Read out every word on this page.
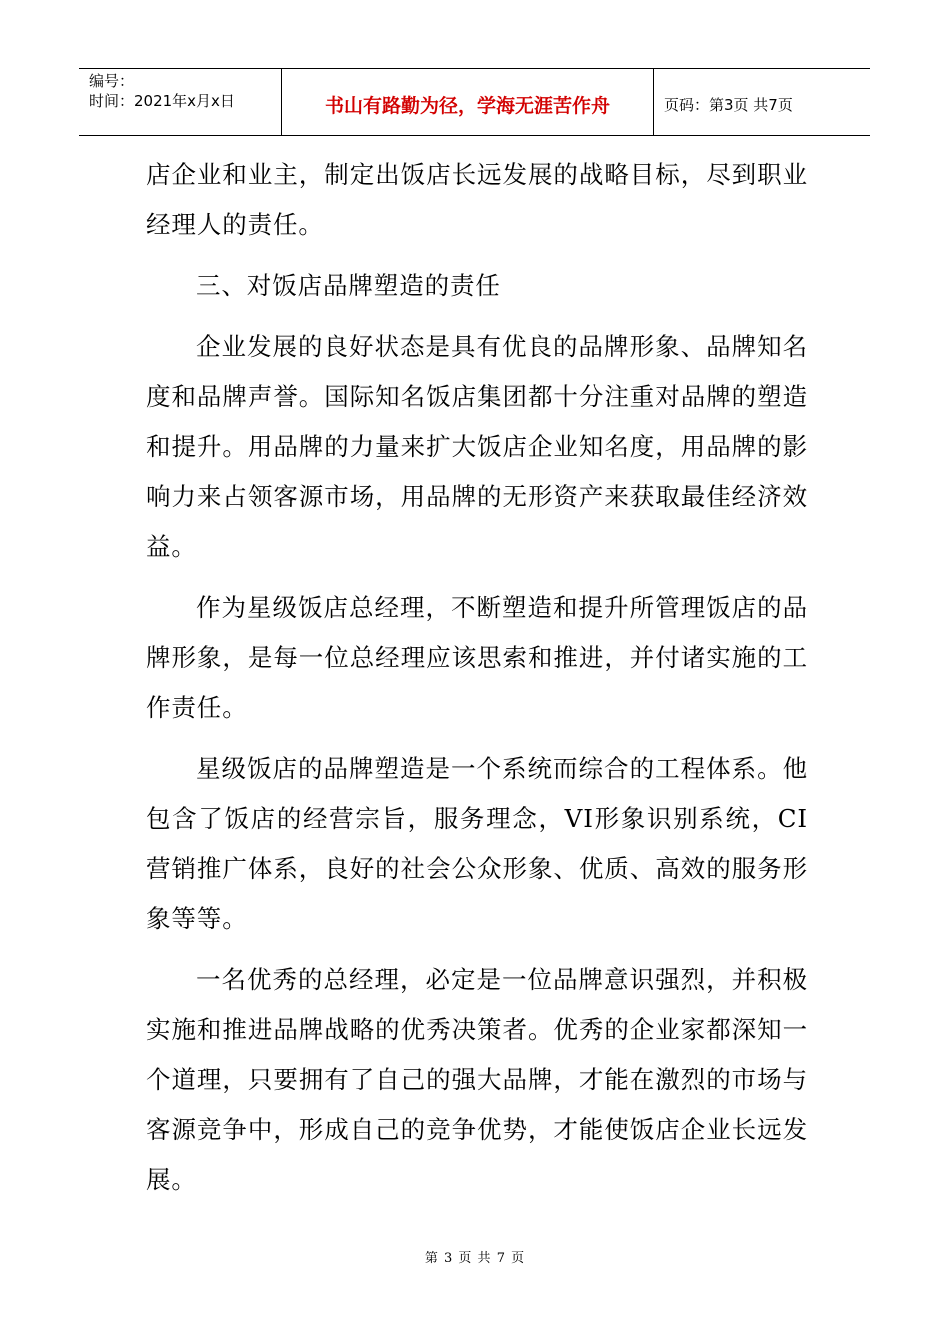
编号：
时间：2021年x月x日	书山有路勤为径，学海无涯苦作舟	页码：第3页 共7页

店企业和业主，制定出饭店长远发展的战略目标，尽到职业经理人的责任。

三、对饭店品牌塑造的责任

企业发展的良好状态是具有优良的品牌形象、品牌知名度和品牌声誉。国际知名饭店集团都十分注重对品牌的塑造和提升。用品牌的力量来扩大饭店企业知名度，用品牌的影响力来占领客源市场，用品牌的无形资产来获取最佳经济效益。

作为星级饭店总经理，不断塑造和提升所管理饭店的品牌形象，是每一位总经理应该思索和推进，并付诸实施的工作责任。

星级饭店的品牌塑造是一个系统而综合的工程体系。他包含了饭店的经营宗旨，服务理念，VI形象识别系统，CI营销推广体系，良好的社会公众形象、优质、高效的服务形象等等。

一名优秀的总经理，必定是一位品牌意识强烈，并积极实施和推进品牌战略的优秀决策者。优秀的企业家都深知一个道理，只要拥有了自己的强大品牌，才能在激烈的市场与客源竞争中，形成自己的竞争优势，才能使饭店企业长远发展。

第 3 页 共 7 页
